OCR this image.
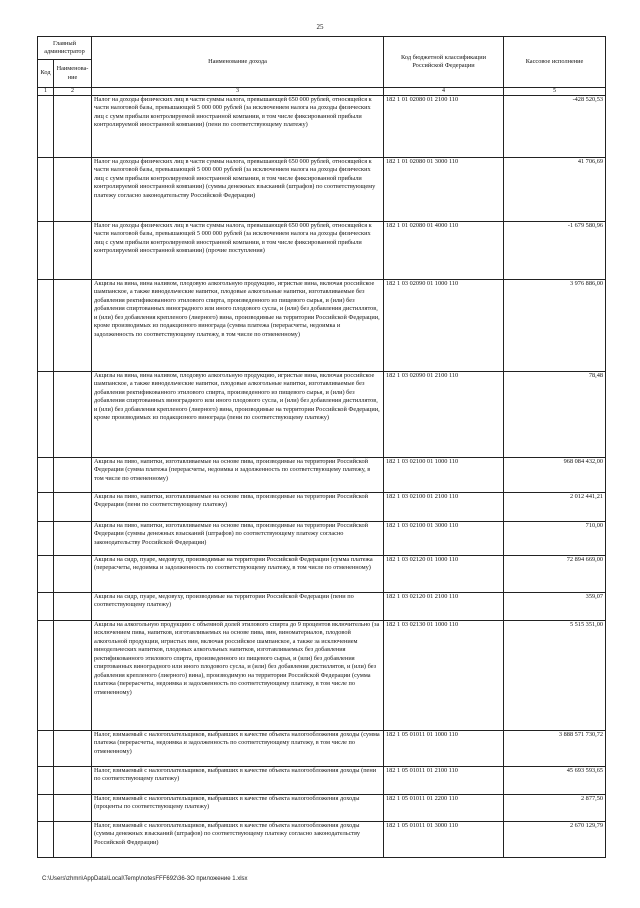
25
Главный администратор		Наименование дохода	Код бюджетной классификации Российской Федерации	Кассовое исполнение
Код	Наименова-ние			
1	2	3	4	5
		Налог на доходы физических лиц в части суммы налога, превышающей 650 000 рублей, относящейся к части налоговой базы, превышающей 5 000 000 рублей (за исключением налога на доходы физических лиц с сумм прибыли контролируемой иностранной компании, в том числе фиксированной прибыли контролируемой иностранной компании) (пени по соответствующему платежу)	182 1 01 02080 01 2100 110	-428 520,53
		Налог на доходы физических лиц в части суммы налога, превышающей 650 000 рублей, относящейся к части налоговой базы, превышающей 5 000 000 рублей (за исключением налога на доходы физических лиц с сумм прибыли контролируемой иностранной компании, в том числе фиксированной прибыли контролируемой иностранной компании) (суммы денежных взысканий (штрафов) по соответствующему платежу согласно законодательству Российской Федерации)	182 1 01 02080 01 3000 110	41 706,69
		Налог на доходы физических лиц в части суммы налога, превышающей 650 000 рублей, относящейся к части налоговой базы, превышающей 5 000 000 рублей (за исключением налога на доходы физических лиц с сумм прибыли контролируемой иностранной компании, в том числе фиксированной прибыли контролируемой иностранной компании) (прочие поступления)	182 1 01 02080 01 4000 110	-1 679 580,96
		Акцизы на вина, вина наливом, плодовую алкогольную продукцию, игристые вина, включая российское шампанское, а также винодельческие напитки, плодовые алкогольные напитки, изготавливаемые без добавления ректификованного этилового спирта, произведенного из пищевого сырья, и (или) без добавления спиртованных виноградного или иного плодового сусла, и (или) без добавления дистиллятов, и (или) без добавления крепленого (лиерного) вина, производимые на территории Российской Федерации, кроме производимых из подакцизного винограда (сумма платежа (перерасчеты, недоимка и задолженность по соответствующему платежу, в том числе по отмененному)	182 1 03 02090 01 1000 110	3 976 886,00
		Акцизы на вина, вина наливом, плодовую алкогольную продукцию, игристые вина, включая российское шампанское, а также винодельческие напитки, плодовые алкогольные напитки, изготавливаемые без добавления ректификованного этилового спирта, произведенного из пищевого сырья, и (или) без добавления спиртованных виноградного или иного плодового сусла, и (или) без добавления дистиллятов, и (или) без добавления крепленого (лиерного) вина, производимые на территории Российской Федерации, кроме производимых из подакцизного винограда (пени по соответствующему платежу)	182 1 03 02090 01 2100 110	78,48
		Акцизы на пиво, напитки, изготавливаемые на основе пива, производимые на территории Российской Федерации (сумма платежа (перерасчеты, недоимка и задолженность по соответствующему платежу, в том числе по отмененному)	182 1 03 02100 01 1000 110	968 084 432,00
		Акцизы на пиво, напитки, изготавливаемые на основе пива, производимые на территории Российской Федерации (пени по соответствующему платежу)	182 1 03 02100 01 2100 110	2 012 441,21
		Акцизы на пиво, напитки, изготавливаемые на основе пива, производимые на территории Российской Федерации (суммы денежных взысканий (штрафов) по соответствующему платежу согласно законодательству Российской Федерации)	182 1 03 02100 01 3000 110	710,00
		Акцизы на сидр, пуаре, медовуху, производимые на территории Российской Федерации (сумма платежа (перерасчеты, недоимка и задолженность по соответствующему платежу, в том числе по отмененному)	182 1 03 02120 01 1000 110	72 894 669,00
		Акцизы на сидр, пуаре, медовуху, производимые на территории Российской Федерации (пени по соответствующему платежу)	182 1 03 02120 01 2100 110	359,07
		Акцизы на алкогольную продукцию с объемной долей этилового спирта до 9 процентов включительно (за исключением пива, напитков, изготавливаемых на основе пива, вин, виноматериалов, плодовой алкогольной продукции, игристых вин, включая российское шампанское, а также за исключением винодельческих напитков, плодовых алкогольных напитков, изготавливаемых без добавления ректификованного этилового спирта, произведенного из пищевого сырья, и (или) без добавления спиртованных виноградного или иного плодового сусла, и (или) без добавления дистиллятов, и (или) без добавления крепленого (лиерного) вина), производимую на территории Российской Федерации (сумма платежа (перерасчеты, недоимка и задолженность по соответствующему платежу, в том числе по отмененному)	182 1 03 02130 01 1000 110	5 515 351,00
		Налог, взимаемый с налогоплательщиков, выбравших в качестве объекта налогообложения доходы (сумма платежа (перерасчеты, недоимка и задолженность по соответствующему платежу, в том числе по отмененному)	182 1 05 01011 01 1000 110	3 888 571 730,72
		Налог, взимаемый с налогоплательщиков, выбравших в качестве объекта налогообложения доходы (пени по соответствующему платежу)	182 1 05 01011 01 2100 110	45 693 593,65
		Налог, взимаемый с налогоплательщиков, выбравших в качестве объекта налогообложения доходы (проценты по соответствующему платежу)	182 1 05 01011 01 2200 110	2 877,50
		Налог, взимаемый с налогоплательщиков, выбравших в качестве объекта налогообложения доходы (суммы денежных взысканий (штрафов) по соответствующему платежу согласно законодательству Российской Федерации)	182 1 05 01011 01 3000 110	2 670 129,79
C:\Users\zhmn\AppData\Local\Temp\notesFFF692\36-3О приложение 1.xlsx
